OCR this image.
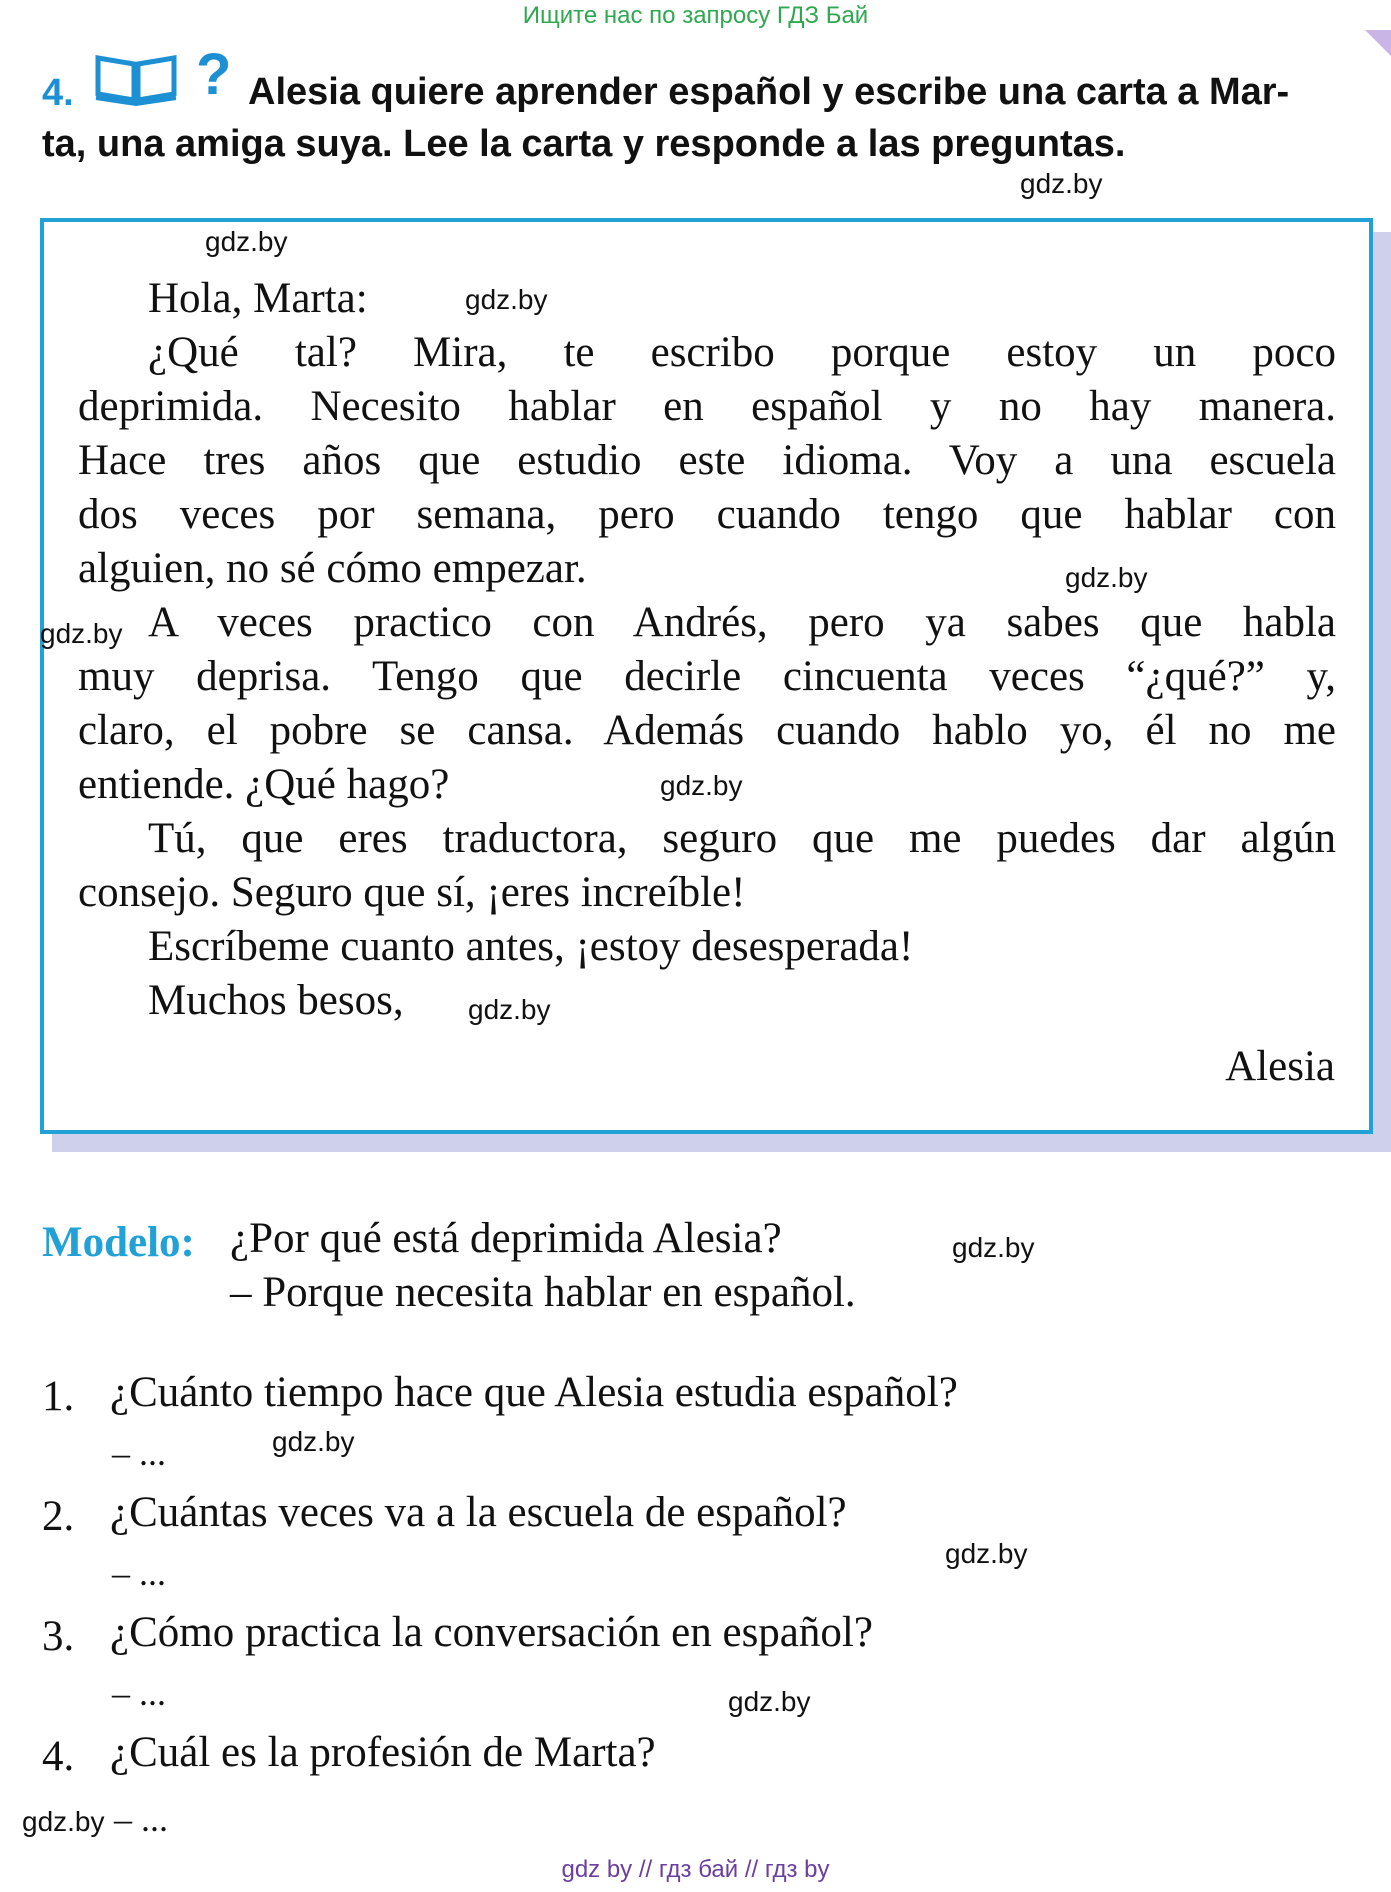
Ищите нас по запросу ГДЗ Бай
4. ? Alesia quiere aprender español y escribe una carta a Mar-
ta, una amiga suya. Lee la carta y responde a las preguntas.
gdz.by
gdz.by
Hola, Marta:	gdz.by
¿Qué tal? Mira, te escribo porque estoy un poco
deprimida. Necesito hablar en español y no hay manera.
Hace tres años que estudio este idioma. Voy a una escuela
dos veces por semana, pero cuando tengo que hablar con
alguien, no sé cómo empezar.	gdz.by
gdz.by A veces practico con Andrés, pero ya sabes que habla
muy deprisa. Tengo que decirle cincuenta veces “¿qué?” y,
claro, el pobre se cansa. Además cuando hablo yo, él no me
entiende. ¿Qué hago?	gdz.by
Tú, que eres traductora, seguro que me puedes dar algún
consejo. Seguro que sí, ¡eres increíble!
Escríbeme cuanto antes, ¡estoy desesperada!
Muchos besos, gdz.by
Alesia
Modelo: ¿Por qué está deprimida Alesia?	gdz.by
– Porque necesita hablar en español.
1. ¿Cuánto tiempo hace que Alesia estudia español?
– ...	gdz.by
2. ¿Cuántas veces va a la escuela de español?
– ...	gdz.by
3. ¿Cómo practica la conversación en español?
– ...	gdz.by
4. ¿Cuál es la profesión de Marta?
gdz.by – ...
gdz by // гдз бай // гдз by
